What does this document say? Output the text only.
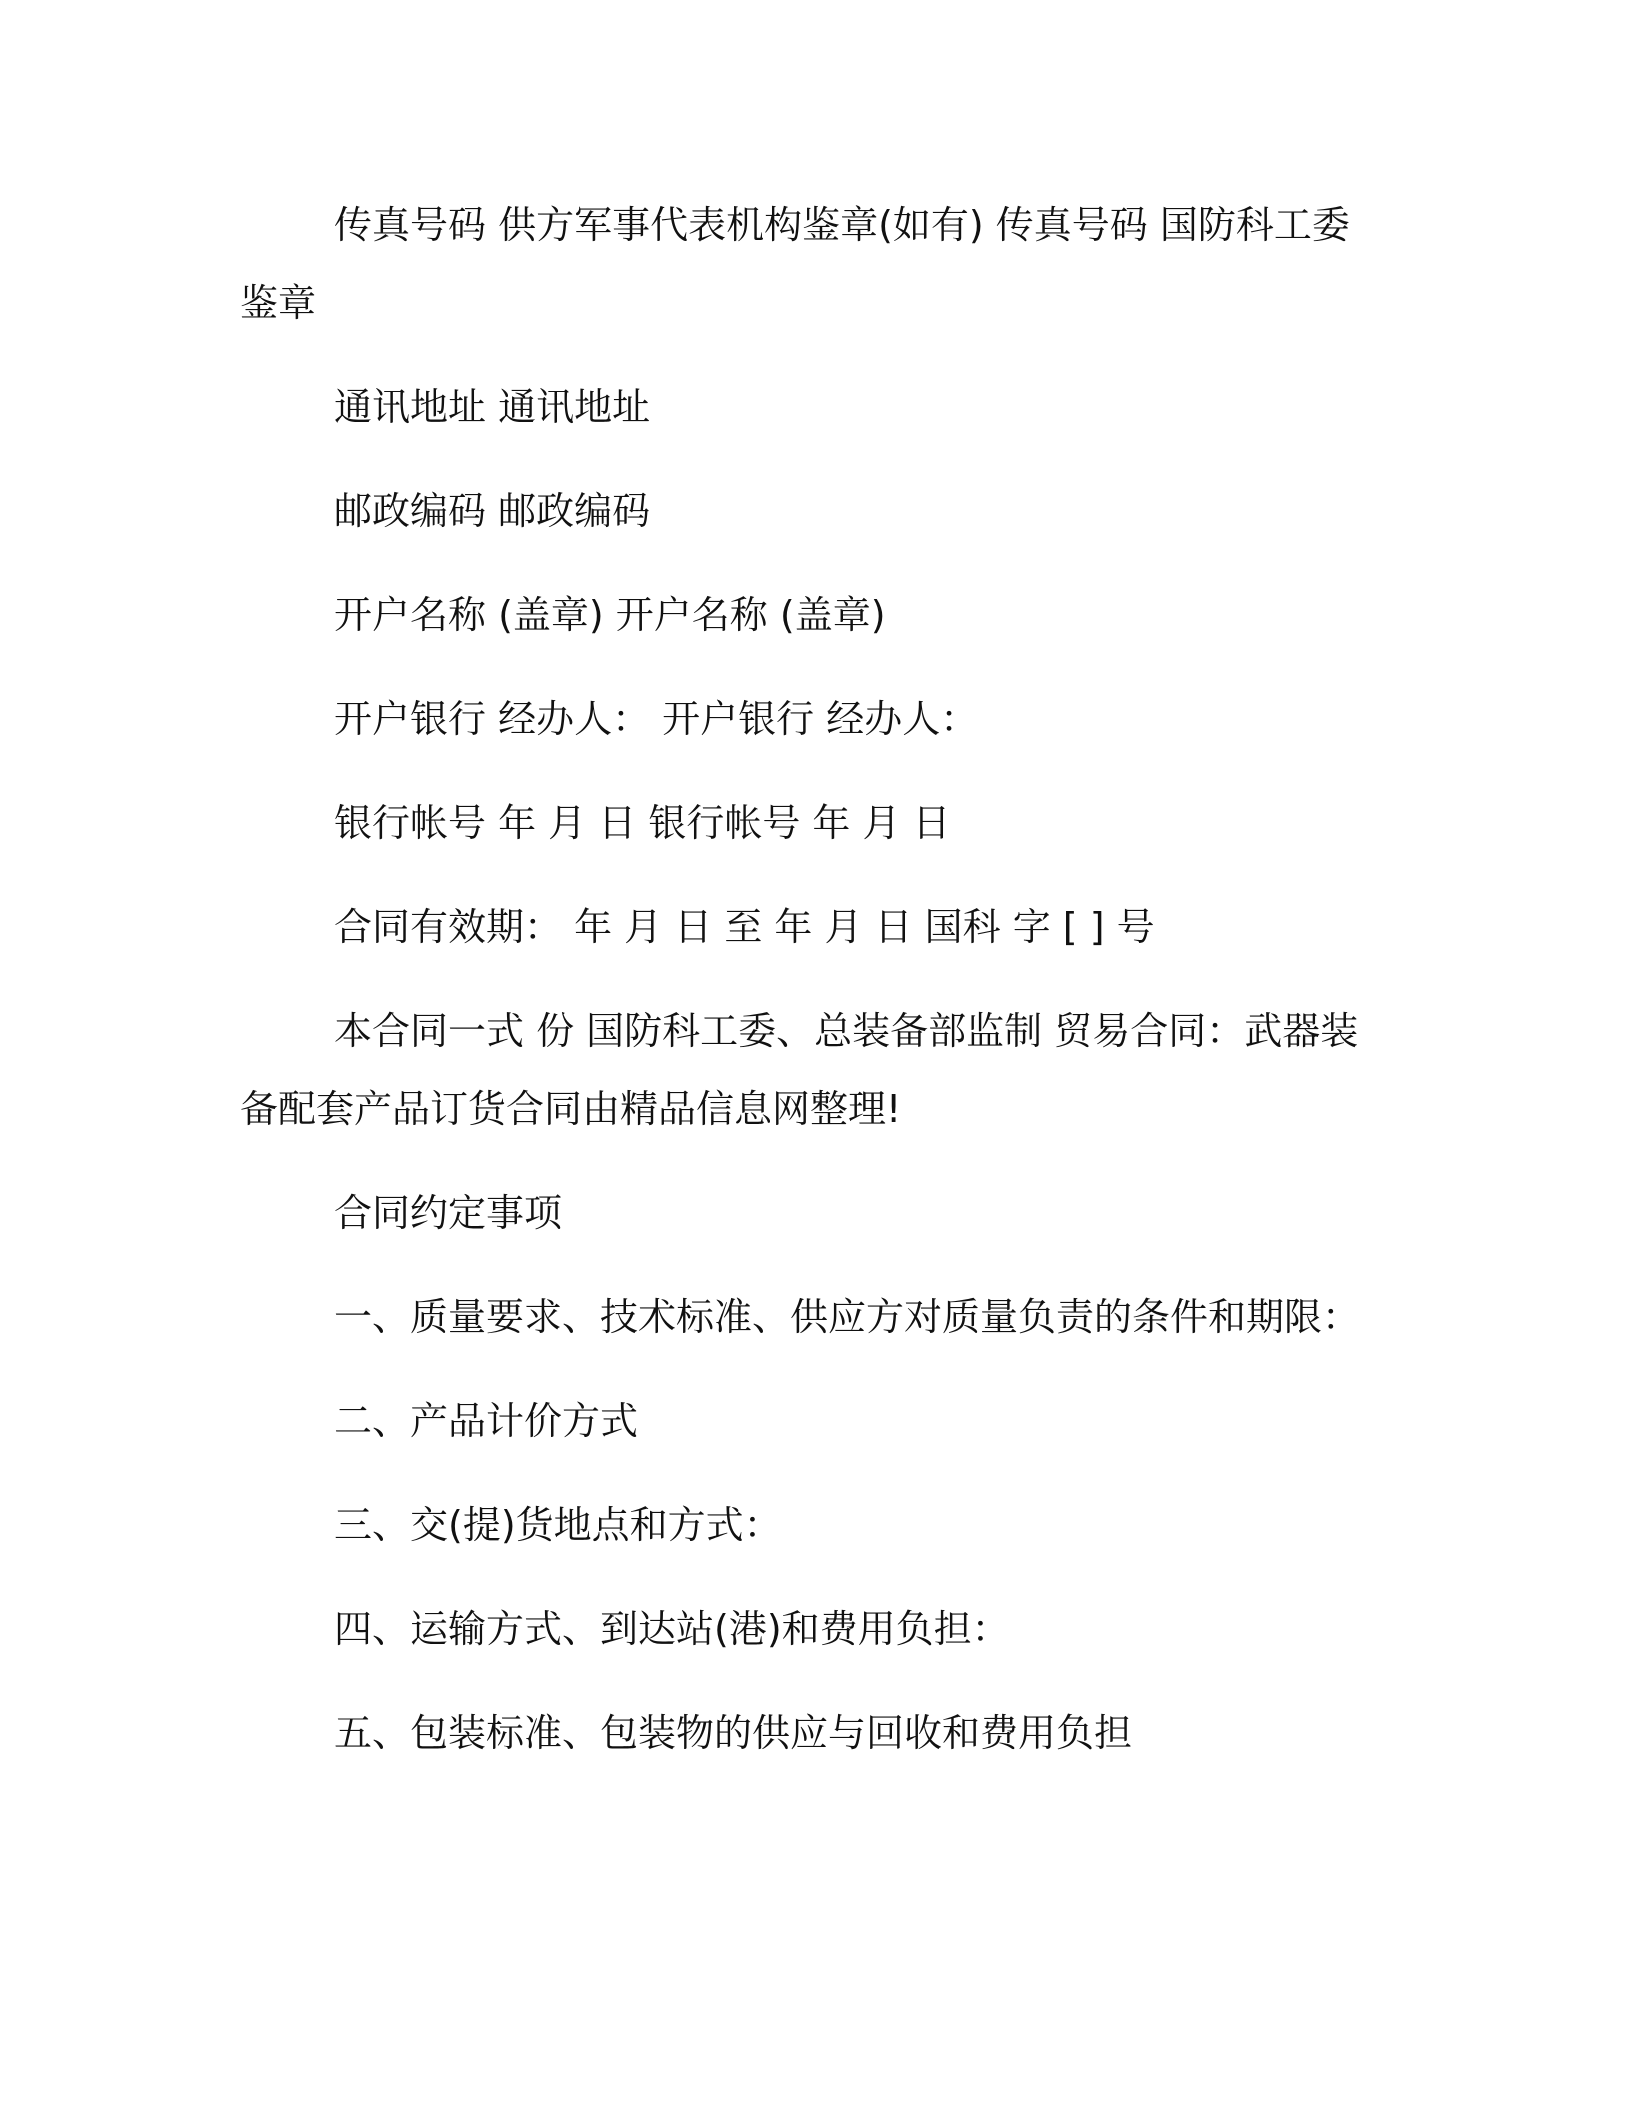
传真号码 供方军事代表机构鉴章(如有) 传真号码 国防科工委鉴章

通讯地址 通讯地址

邮政编码 邮政编码

开户名称 (盖章) 开户名称 (盖章)

开户银行 经办人： 开户银行 经办人：

银行帐号 年 月 日 银行帐号 年 月 日

合同有效期： 年 月 日 至 年 月 日 国科 字 [ ] 号

本合同一式 份 国防科工委、总装备部监制 贸易合同：武器装备配套产品订货合同由精品信息网整理!

合同约定事项

一、质量要求、技术标准、供应方对质量负责的条件和期限：

二、产品计价方式

三、交(提)货地点和方式：

四、运输方式、到达站(港)和费用负担：

五、包装标准、包装物的供应与回收和费用负担
